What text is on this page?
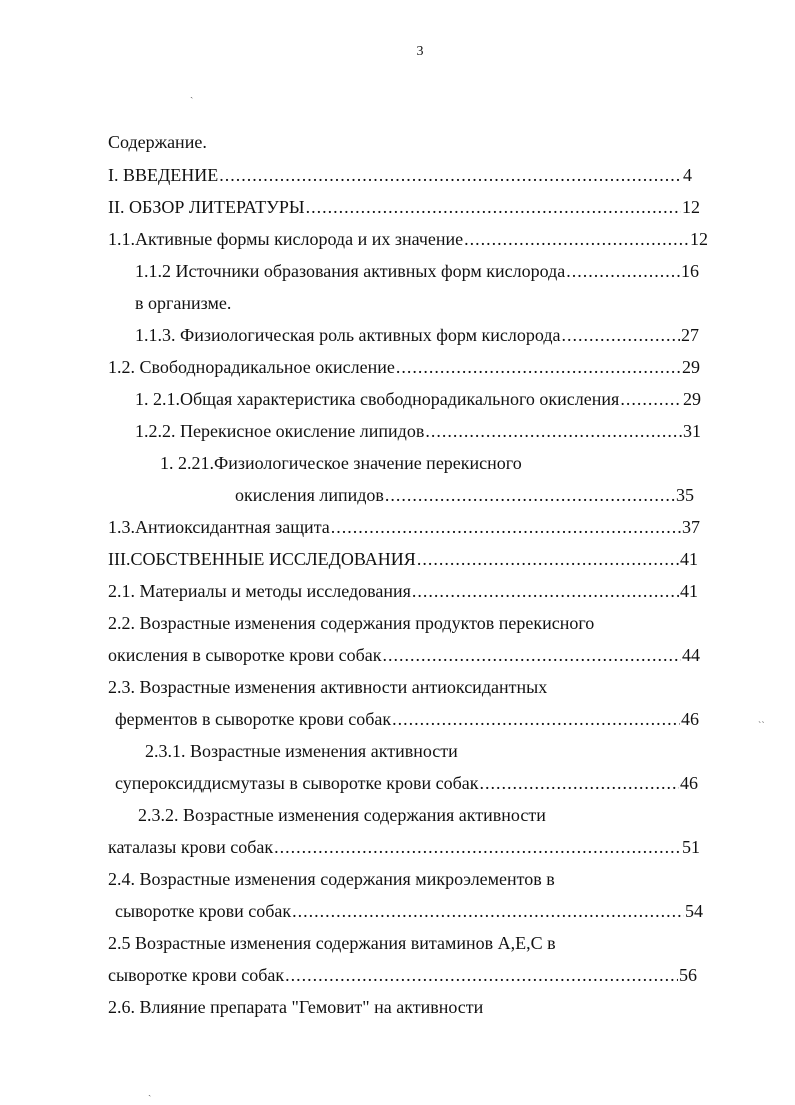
3
ˏ
˴˴
ˏ
Содержание.
I. ВВЕДЕНИЕ .....	4
II. ОБЗОР ЛИТЕРАТУРЫ .....	12
1.1.Активные формы кислорода и их значение .....	12
1.1.2 Источники образования активных форм кислорода .....	16
в организме.
1.1.3. Физиологическая роль активных форм кислорода .....	27
1.2. Свободнорадикальное окисление .....	29
1. 2.1.Общая характеристика свободнорадикального окисления .....	29
1.2.2. Перекисное окисление липидов .....	31
1. 2.21.Физиологическое значение перекисного
окисления липидов .....	35
1.3.Антиоксидантная защита .....	37
III.СОБСТВЕННЫЕ ИССЛЕДОВАНИЯ .....	41
2.1. Материалы и методы исследования .....	41
2.2. Возрастные изменения содержания продуктов перекисного
окисления в сыворотке крови собак .....	44
2.3. Возрастные изменения активности антиоксидантных
ферментов в сыворотке крови собак .....	46
2.3.1. Возрастные изменения активности
супероксиддисмутазы в сыворотке крови собак .....	46
2.3.2. Возрастные изменения содержания активности
каталазы крови собак .....	51
2.4. Возрастные изменения содержания микроэлементов в
сыворотке крови собак .....	54
2.5 Возрастные изменения содержания витаминов А,Е,С в
сыворотке крови собак .....	56
2.6. Влияние препарата "Гемовит" на активности
